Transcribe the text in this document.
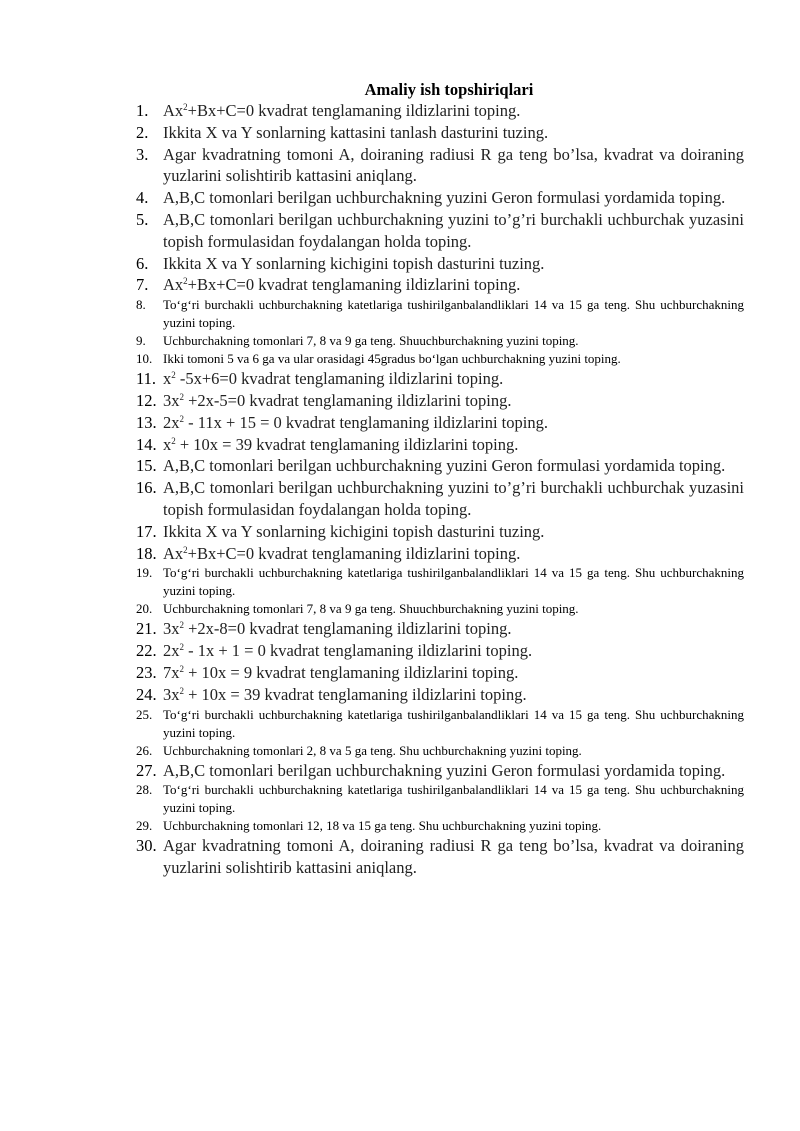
Amaliy ish topshiriqlari
1. $Ax^2+Bx+C=0$ kvadrat tenglamaning ildizlarini toping.
2. Ikkita X va Y sonlarning kattasini tanlash dasturini tuzing.
3. Agar kvadratning tomoni A, doiraning radiusi R ga teng bo’lsa, kvadrat va doiraning yuzlarini solishtirib kattasini aniqlang.
4. A,B,C tomonlari berilgan uchburchakning yuzini Geron formulasi yordamida toping.
5. A,B,C tomonlari berilgan uchburchakning yuzini to’g’ri burchakli uchburchak yuzasini topish formulasidan foydalangan holda toping.
6. Ikkita X va Y sonlarning kichigini topish dasturini tuzing.
7. $Ax^2+Bx+C=0$ kvadrat tenglamaning ildizlarini toping.
8.	To‘g‘ri burchakli uchburchakning katetlariga tushirilganbalandliklari 14 va 15 ga teng. Shu uchburchakning yuzini toping.
9.	Uchburchakning tomonlari 7, 8 va 9 ga teng. Shuuchburchakning yuzini toping.
10. Ikki tomoni 5 va 6 ga va ular orasidagi 45gradus bo‘lgan uchburchakning yuzini toping.
11. $x^2$ -5x+6=0 kvadrat tenglamaning ildizlarini toping.
12. $3x^2 +2x-5=0$ kvadrat tenglamaning ildizlarini toping.
13. $2x^2 - 11x + 15 = 0$ kvadrat tenglamaning ildizlarini toping.
14. $x^2 + 10x = 39$ kvadrat tenglamaning ildizlarini toping.
15. A,B,C tomonlari berilgan uchburchakning yuzini Geron formulasi yordamida toping.
16. A,B,C tomonlari berilgan uchburchakning yuzini to’g’ri burchakli uchburchak yuzasini topish formulasidan foydalangan holda toping.
17. Ikkita X va Y sonlarning kichigini topish dasturini tuzing.
18. $Ax^2+Bx+C=0$ kvadrat tenglamaning ildizlarini toping.
19. To‘g‘ri burchakli uchburchakning katetlariga tushirilganbalandliklari 14 va 15 ga teng. Shu uchburchakning yuzini toping.
20. Uchburchakning tomonlari 7, 8 va 9 ga teng. Shuuchburchakning yuzini toping.
21. $3x^2 +2x-8=0$ kvadrat tenglamaning ildizlarini toping.
22. $2x^2 - 1x + 1 = 0$ kvadrat tenglamaning ildizlarini toping.
23. $7x^2 + 10x = 9$ kvadrat tenglamaning ildizlarini toping.
24. $3x^2 + 10x = 39$ kvadrat tenglamaning ildizlarini toping.
25. To‘g‘ri burchakli uchburchakning katetlariga tushirilganbalandliklari 14 va 15 ga teng. Shu uchburchakning yuzini toping.
26. Uchburchakning tomonlari 2, 8 va 5 ga teng. Shu uchburchakning yuzini toping.
27. A,B,C tomonlari berilgan uchburchakning yuzini Geron formulasi yordamida toping.
28. To‘g‘ri burchakli uchburchakning katetlariga tushirilganbalandliklari 14 va 15 ga teng. Shu uchburchakning yuzini toping.
29. Uchburchakning tomonlari 12, 18 va 15 ga teng. Shu uchburchakning yuzini toping.
30. Agar kvadratning tomoni A, doiraning radiusi R ga teng bo’lsa, kvadrat va doiraning yuzlarini solishtirib kattasini aniqlang.
